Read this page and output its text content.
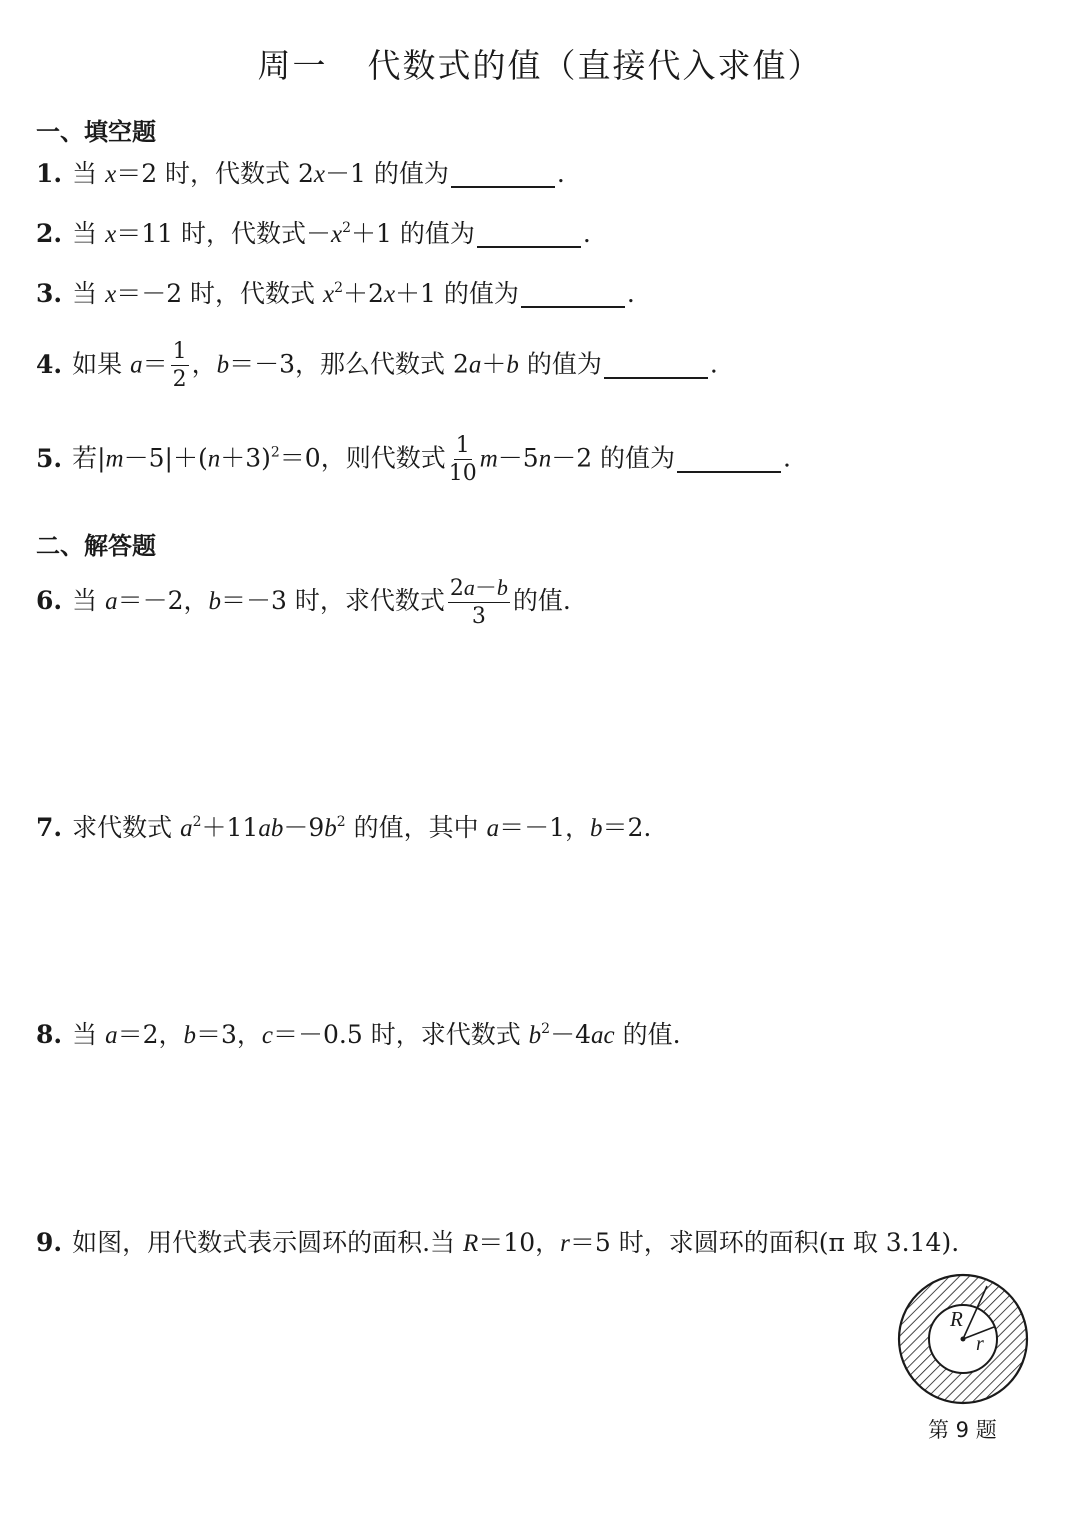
周一 代数式的值（直接代入求值）
一、填空题
1. 当 x＝2 时，代数式 2x－1 的值为	.
2. 当 x＝11 时，代数式$-x^2+1$ 的值为	.
3. 当 x＝－2 时，代数式 $x^2+2x+1$ 的值为	.
4. 如果 $a= \frac{1}{2}$ ，b＝－3，那么代数式 2a＋b 的值为	.
5. 若$|m-5|+(n+3)^2=0$，则代数式 $\frac{1}{10} m-5n-2$ 的值为	.
二、解答题
6. 当 a＝－2，b＝－3 时，求代数式 $\frac{2a-b}{3}$ 的值.
7. 求代数式 $a^2+11ab-9b^2$ 的值，其中 a＝－1，b＝2.
8. 当 a＝2，b＝3，c＝－0.5 时，求代数式 $b^2-4ac$ 的值.
9. 如图，用代数式表示圆环的面积.当 R＝10，r＝5 时，求圆环的面积(π 取 3.14).
R
r
第 9 题
